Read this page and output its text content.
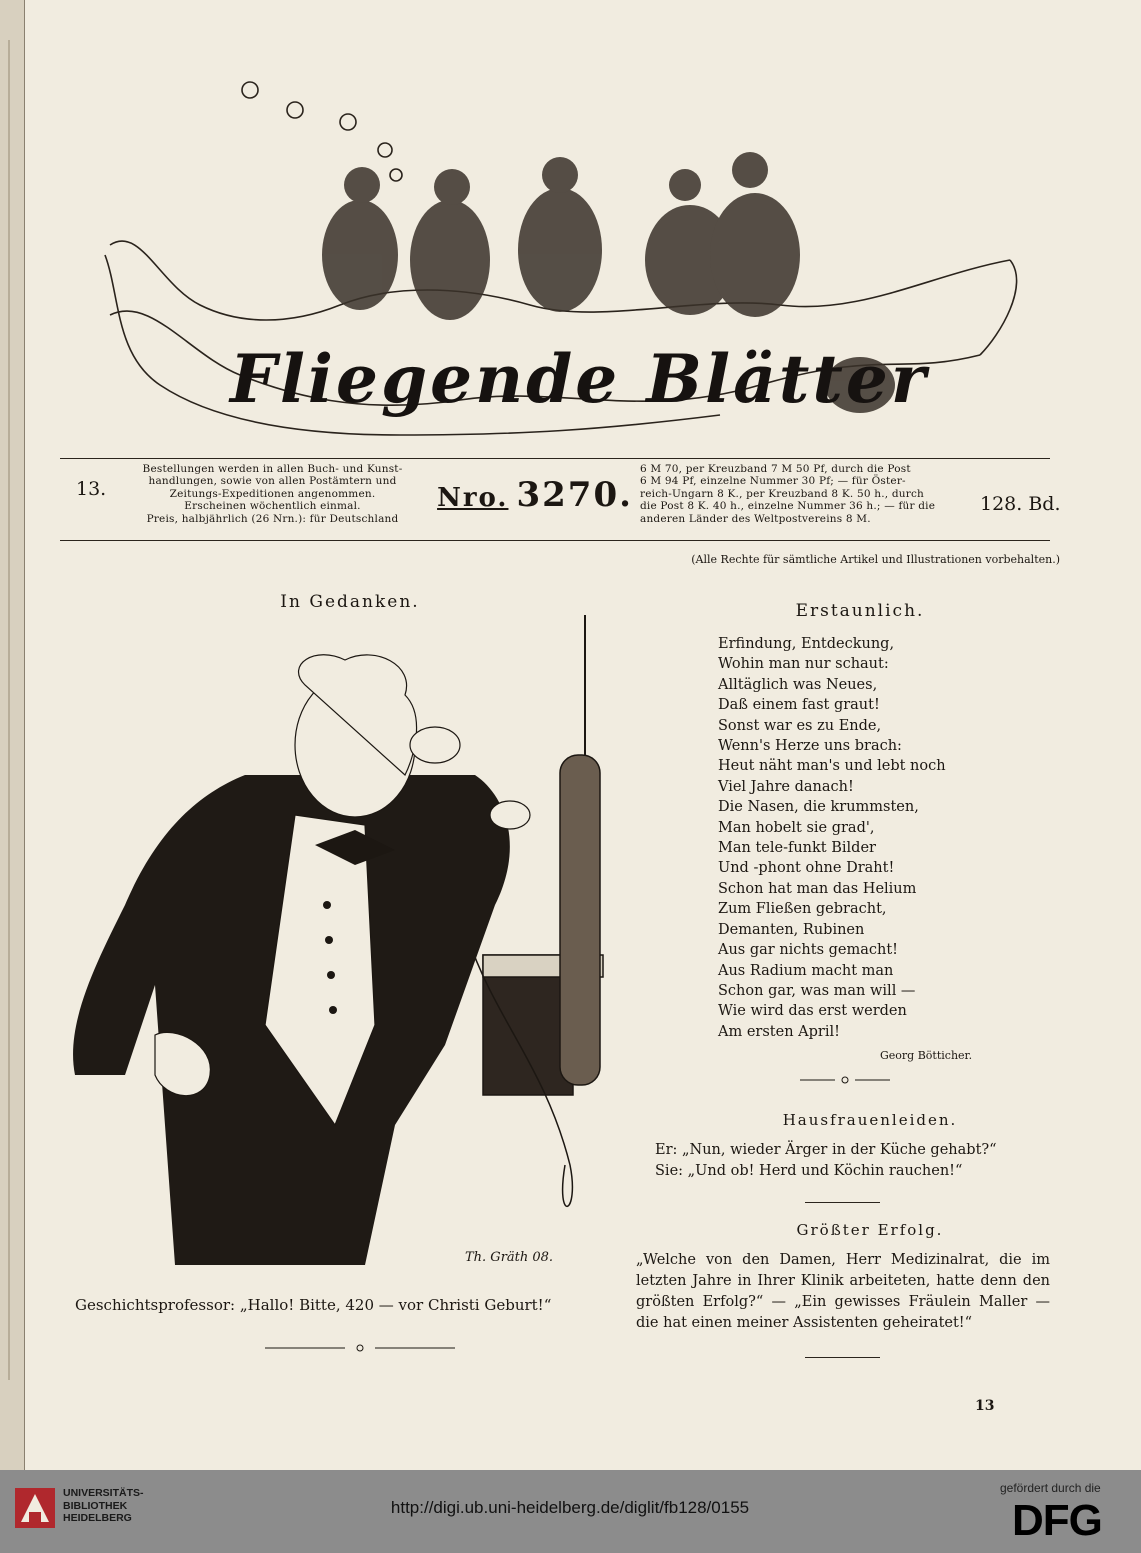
Fliegende Blätter
13.
Bestellungen werden in allen Buch- und Kunst-
handlungen, sowie von allen Postämtern und
Zeitungs-Expeditionen angenommen.
Erscheinen wöchentlich einmal.
Preis, halbjährlich (26 Nrn.): für Deutschland
Nro. 3270.
6 M 70, per Kreuzband 7 M 50 Pf, durch die Post
6 M 94 Pf, einzelne Nummer 30 Pf; — für Öster-
reich-Ungarn 8 K., per Kreuzband 8 K. 50 h., durch
die Post 8 K. 40 h., einzelne Nummer 36 h.; — für die
anderen Länder des Weltpostvereins 8 M.
128. Bd.
(Alle Rechte für sämtliche Artikel und Illustrationen vorbehalten.)
In Gedanken.
Th. Gräth 08.
Geschichtsprofessor: „Hallo! Bitte, 420 — vor Christi Geburt!“
Erstaunlich.
Erfindung, Entdeckung,
Wohin man nur schaut:
Alltäglich was Neues,
Daß einem fast graut!
Sonst war es zu Ende,
Wenn's Herze uns brach:
Heut näht man's und lebt noch
Viel Jahre danach!
Die Nasen, die krummsten,
Man hobelt sie grad',
Man tele-funkt Bilder
Und -phont ohne Draht!
Schon hat man das Helium
Zum Fließen gebracht,
Demanten, Rubinen
Aus gar nichts gemacht!
Aus Radium macht man
Schon gar, was man will —
Wie wird das erst werden
Am ersten April!
Georg Bötticher.
Hausfrauenleiden.
Er: „Nun, wieder Ärger in der Küche gehabt?“
Sie: „Und ob! Herd und Köchin rauchen!“
Größter Erfolg.
„Welche von den Damen, Herr Medizinalrat, die im letzten Jahre in Ihrer Klinik arbeiteten, hatte denn den größten Erfolg?“ — „Ein gewisses Fräulein Maller — die hat einen meiner Assistenten geheiratet!“
13
UNIVERSITÄTS-
BIBLIOTHEK
HEIDELBERG
http://digi.ub.uni-heidelberg.de/diglit/fb128/0155
gefördert durch die
DFG
